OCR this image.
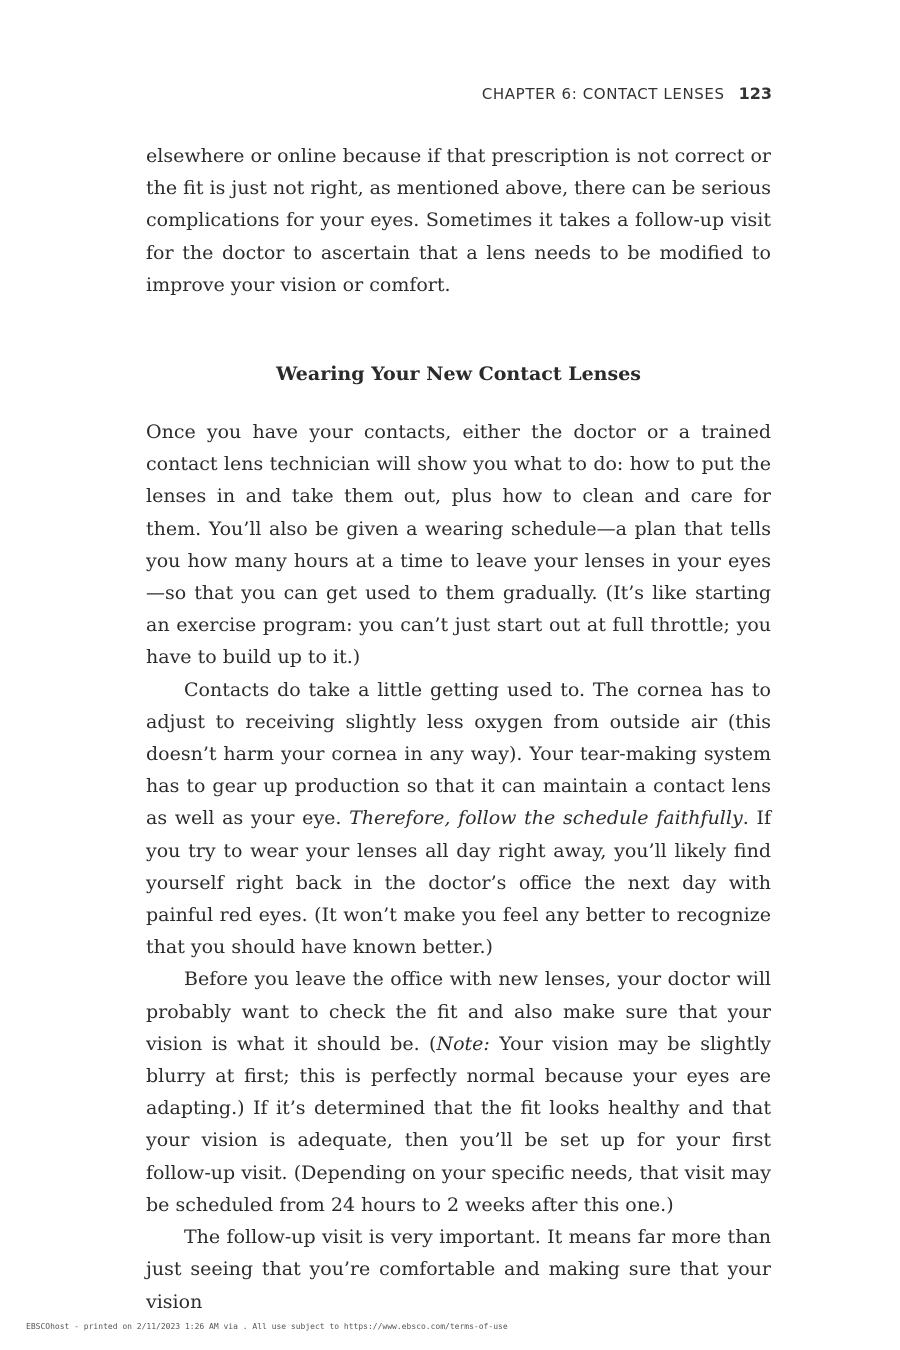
CHAPTER 6: CONTACT LENSES 123

elsewhere or online because if that prescription is not correct or the fit is just not right, as mentioned above, there can be serious complications for your eyes. Sometimes it takes a follow-up visit for the doctor to ascertain that a lens needs to be modified to improve your vision or comfort.

Wearing Your New Contact Lenses

Once you have your contacts, either the doctor or a trained contact lens technician will show you what to do: how to put the lenses in and take them out, plus how to clean and care for them. You’ll also be given a wearing schedule—a plan that tells you how many hours at a time to leave your lenses in your eyes—so that you can get used to them gradually. (It’s like starting an exercise program: you can’t just start out at full throttle; you have to build up to it.)

Contacts do take a little getting used to. The cornea has to adjust to receiving slightly less oxygen from outside air (this doesn’t harm your cornea in any way). Your tear-making system has to gear up production so that it can maintain a contact lens as well as your eye. Therefore, follow the schedule faithfully. If you try to wear your lenses all day right away, you’ll likely find yourself right back in the doctor’s office the next day with painful red eyes. (It won’t make you feel any better to recognize that you should have known better.)

Before you leave the office with new lenses, your doctor will probably want to check the fit and also make sure that your vision is what it should be. (Note: Your vision may be slightly blurry at first; this is perfectly normal because your eyes are adapting.) If it’s determined that the fit looks healthy and that your vision is adequate, then you’ll be set up for your first follow-up visit. (Depending on your specific needs, that visit may be scheduled from 24 hours to 2 weeks after this one.)

The follow-up visit is very important. It means far more than just seeing that you’re comfortable and making sure that your vision

EBSCOhost - printed on 2/11/2023 1:26 AM via . All use subject to https://www.ebsco.com/terms-of-use
